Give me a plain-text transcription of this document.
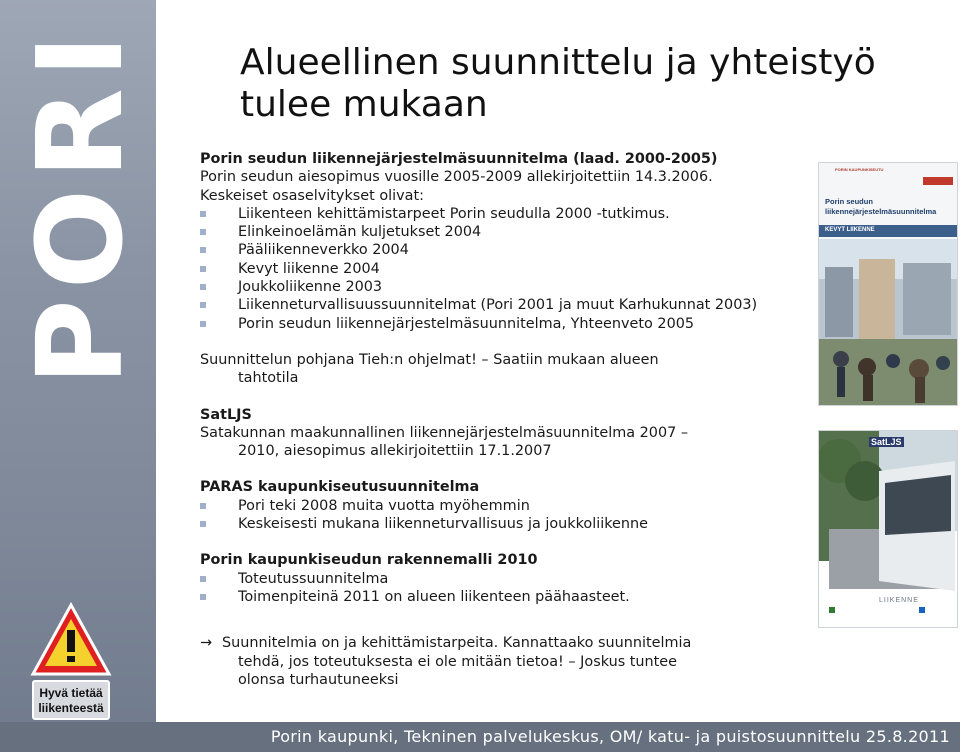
PORI
Hyvä tietää
liikenteestä
Alueellinen suunnittelu ja yhteistyö
tulee mukaan
Porin seudun liikennejärjestelmäsuunnitelma (laad. 2000-2005)
Porin seudun aiesopimus vuosille 2005-2009 allekirjoitettiin 14.3.2006.
Keskeiset osaselvitykset olivat:
Liikenteen kehittämistarpeet Porin seudulla 2000 -tutkimus.
Elinkeinoelämän kuljetukset 2004
Pääliikenneverkko 2004
Kevyt liikenne 2004
Joukkoliikenne 2003
Liikenneturvallisuussuunnitelmat (Pori 2001 ja muut Karhukunnat 2003)
Porin seudun liikennejärjestelmäsuunnitelma, Yhteenveto 2005
Suunnittelun pohjana Tieh:n ohjelmat! – Saatiin mukaan alueen
tahtotila
SatLJS
Satakunnan maakunnallinen liikennejärjestelmäsuunnitelma 2007 –
2010, aiesopimus allekirjoitettiin 17.1.2007
PARAS kaupunkiseutusuunnitelma
Pori teki 2008 muita vuotta myöhemmin
Keskeisesti mukana liikenneturvallisuus ja joukkoliikenne
Porin kaupunkiseudun rakennemalli 2010
Toteutussuunnitelma
Toimenpiteinä 2011 on alueen liikenteen päähaasteet.
→ Suunnitelmia on ja kehittämistarpeita. Kannattaako suunnitelmia
tehdä, jos toteutuksesta ei ole mitään tietoa! – Joskus tuntee
olonsa turhautuneeksi
PORIN KAUPUNKISEUTU
Porin seudun liikennejärjestelmäsuunnitelma
KEVYT LIIKENNE
SatLJS
LIIKENNE
Porin kaupunki, Tekninen palvelukeskus, OM/ katu- ja puistosuunnittelu 25.8.2011
